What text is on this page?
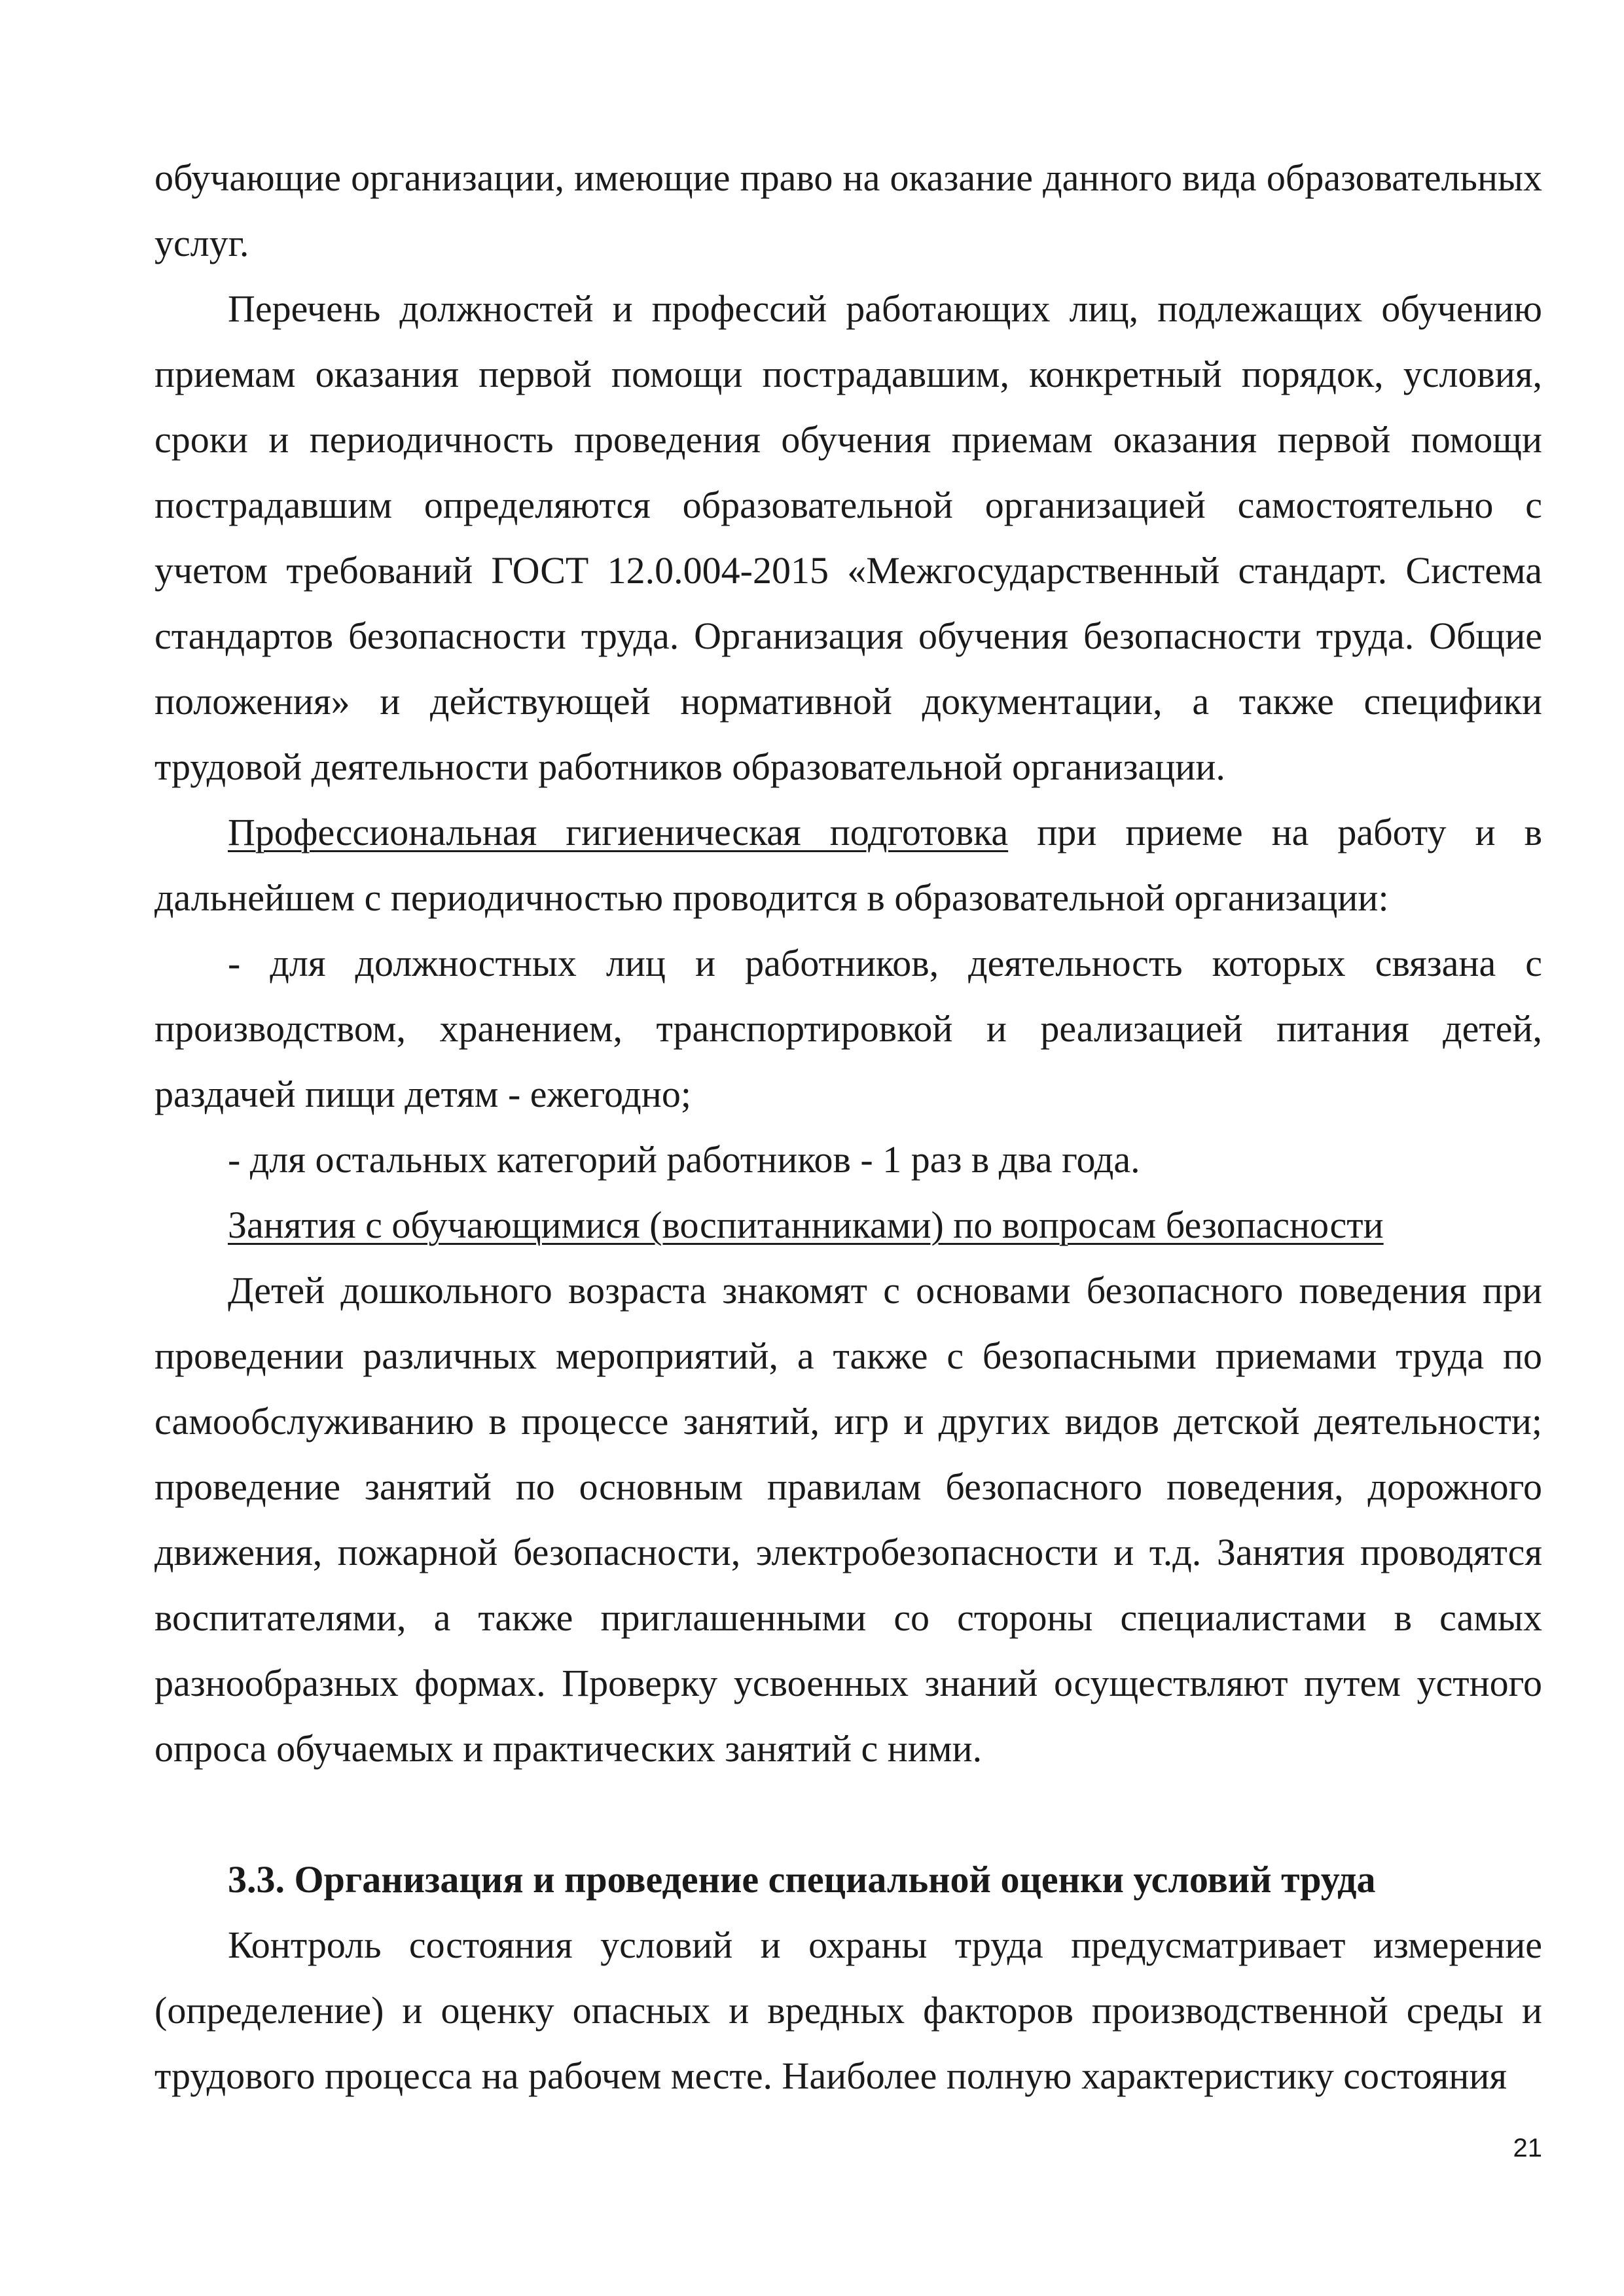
обучающие организации, имеющие право на оказание данного вида образовательных услуг.

Перечень должностей и профессий работающих лиц, подлежащих обучению приемам оказания первой помощи пострадавшим, конкретный порядок, условия, сроки и периодичность проведения обучения приемам оказания первой помощи пострадавшим определяются образовательной организацией самостоятельно с учетом требований ГОСТ 12.0.004-2015 «Межгосударственный стандарт. Система стандартов безопасности труда. Организация обучения безопасности труда. Общие положения» и действующей нормативной документации, а также специфики трудовой деятельности работников образовательной организации.

Профессиональная гигиеническая подготовка при приеме на работу и в дальнейшем с периодичностью проводится в образовательной организации:

- для должностных лиц и работников, деятельность которых связана с производством, хранением, транспортировкой и реализацией питания детей, раздачей пищи детям - ежегодно;

- для остальных категорий работников - 1 раз в два года.

Занятия с обучающимися (воспитанниками) по вопросам безопасности

Детей дошкольного возраста знакомят с основами безопасного поведения при проведении различных мероприятий, а также с безопасными приемами труда по самообслуживанию в процессе занятий, игр и других видов детской деятельности; проведение занятий по основным правилам безопасного поведения, дорожного движения, пожарной безопасности, электробезопасности и т.д. Занятия проводятся воспитателями, а также приглашенными со стороны специалистами в самых разнообразных формах. Проверку усвоенных знаний осуществляют путем устного опроса обучаемых и практических занятий с ними.

3.3. Организация и проведение специальной оценки условий труда

Контроль состояния условий и охраны труда предусматривает измерение (определение) и оценку опасных и вредных факторов производственной среды и трудового процесса на рабочем месте. Наиболее полную характеристику состояния

21
